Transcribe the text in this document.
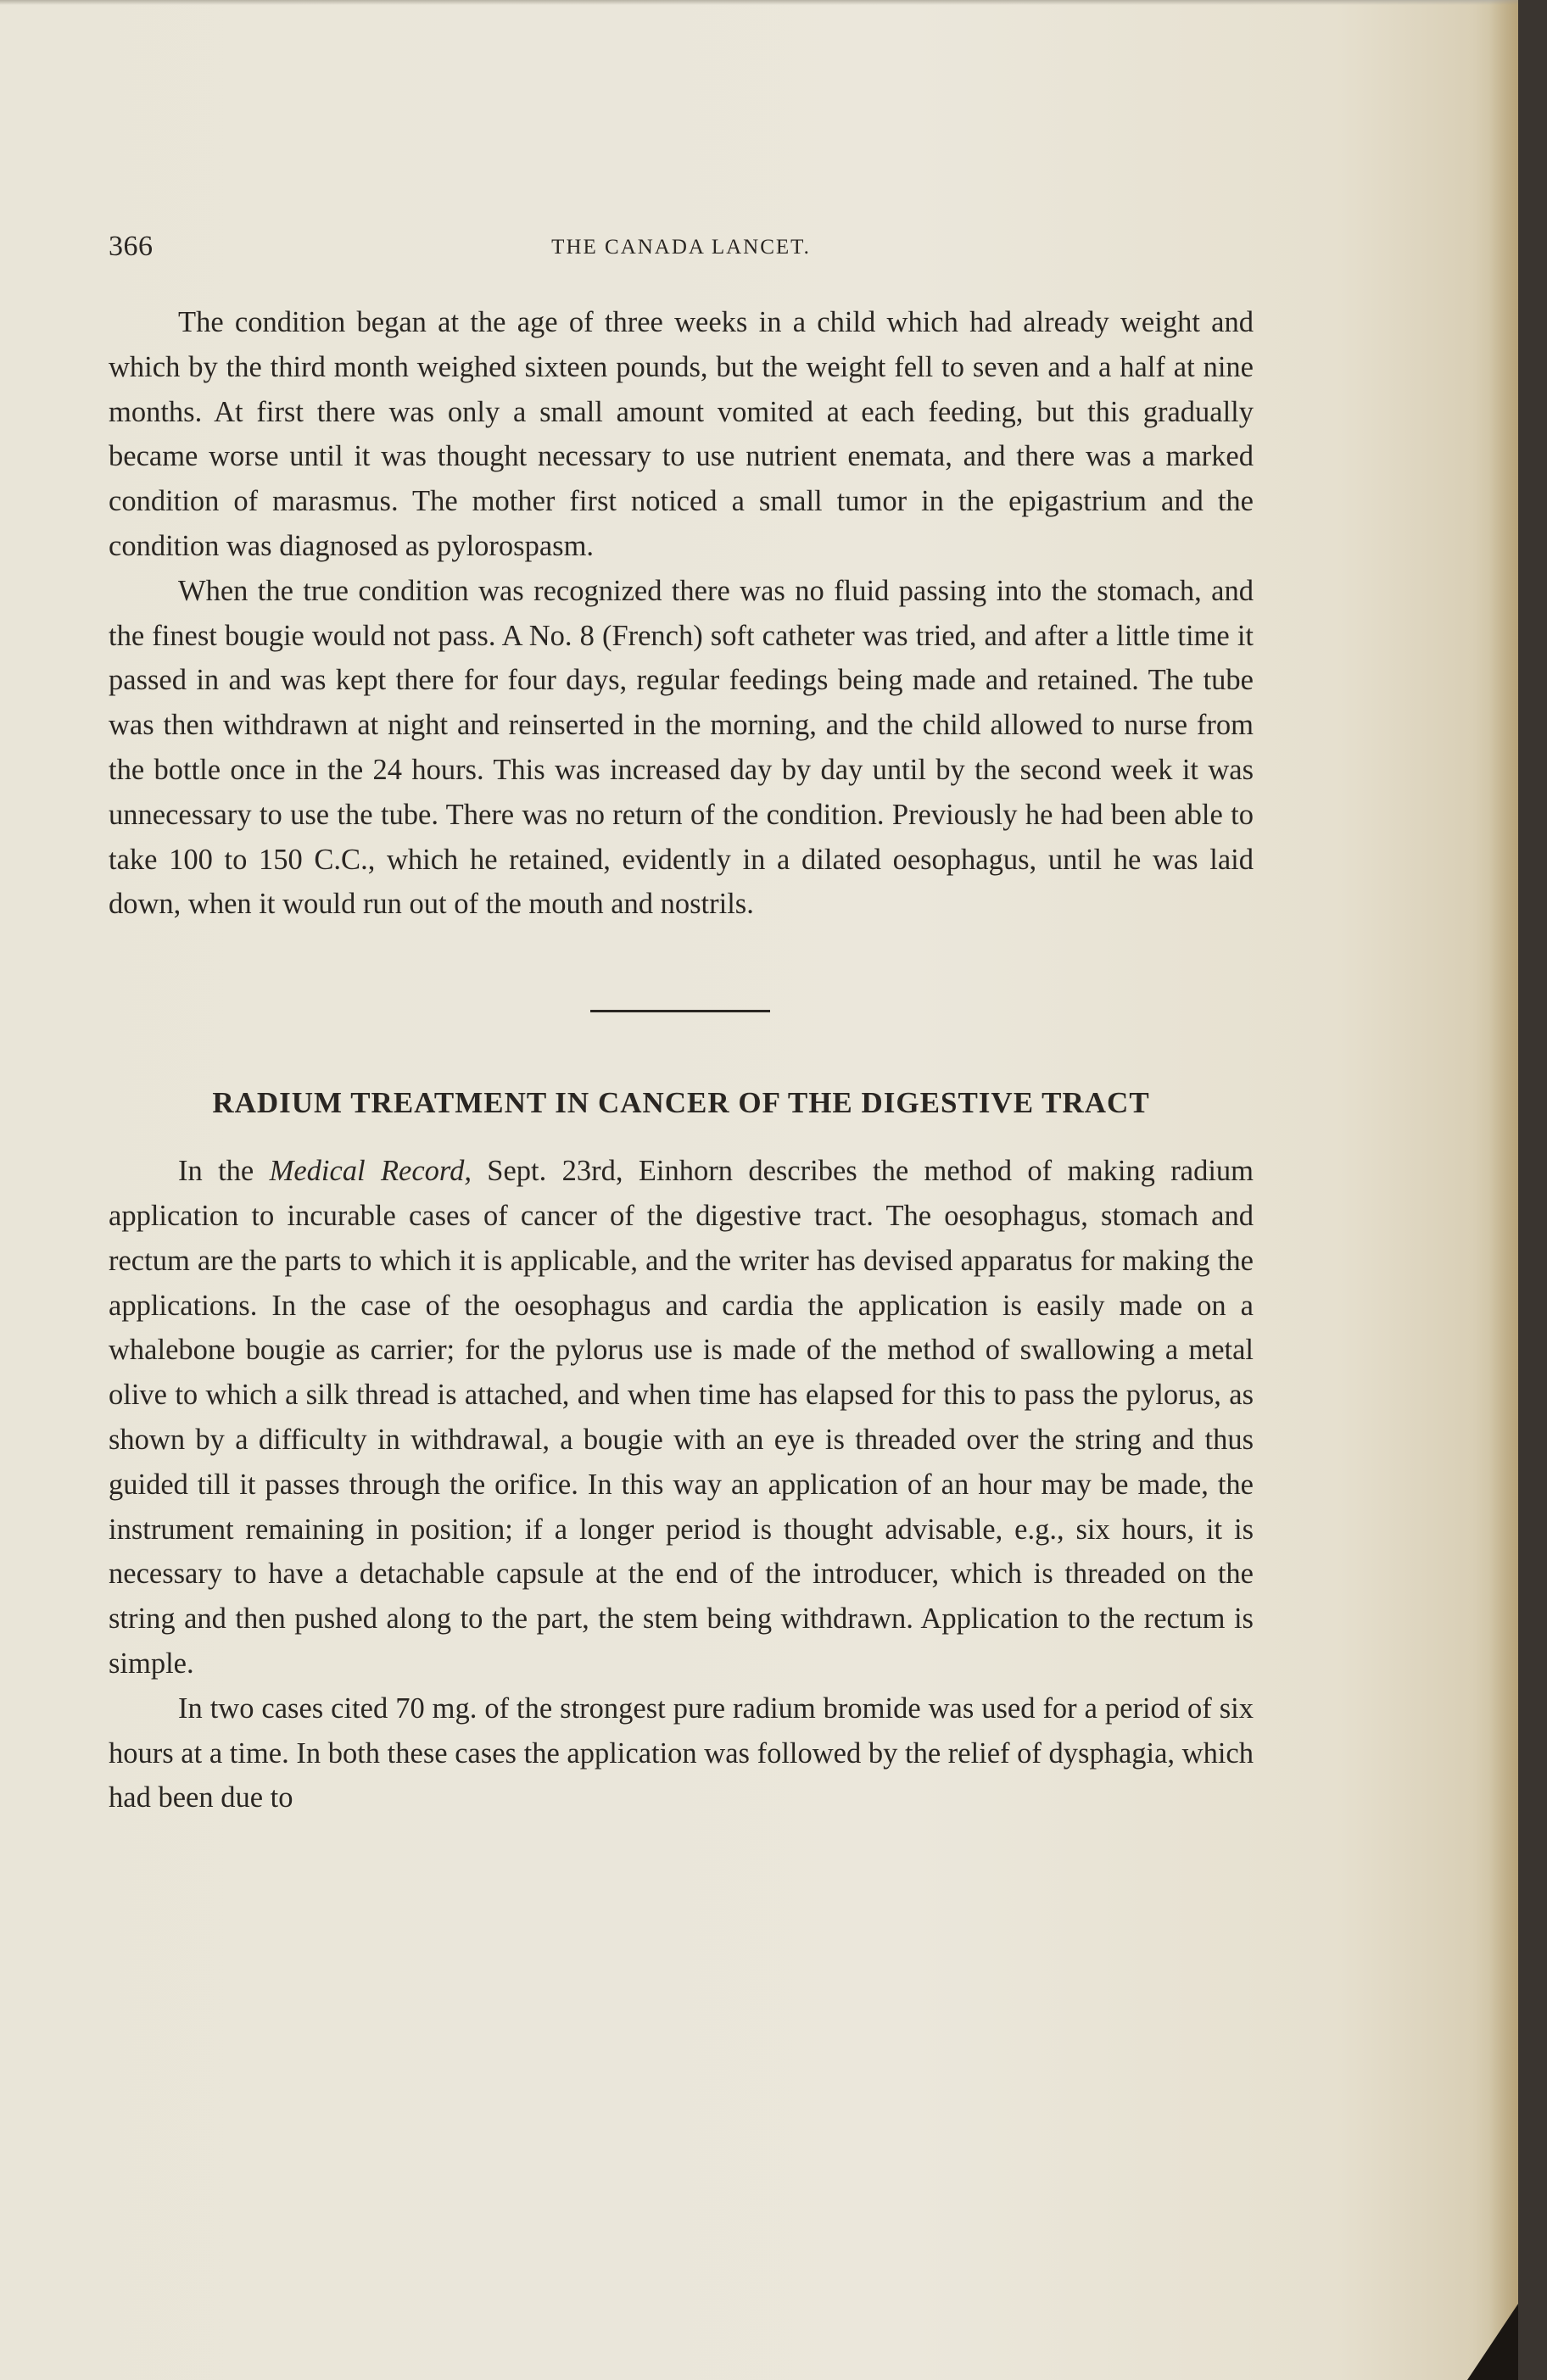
366	THE CANADA LANCET.

The condition began at the age of three weeks in a child which had already weight and which by the third month weighed sixteen pounds, but the weight fell to seven and a half at nine months. At first there was only a small amount vomited at each feeding, but this gradually became worse until it was thought necessary to use nutrient enemata, and there was a marked condition of marasmus. The mother first noticed a small tumor in the epigastrium and the condition was diagnosed as pylorospasm.

When the true condition was recognized there was no fluid passing into the stomach, and the finest bougie would not pass. A No. 8 (French) soft catheter was tried, and after a little time it passed in and was kept there for four days, regular feedings being made and retained. The tube was then withdrawn at night and reinserted in the morning, and the child allowed to nurse from the bottle once in the 24 hours. This was increased day by day until by the second week it was unnecessary to use the tube. There was no return of the condition. Previously he had been able to take 100 to 150 C.C., which he retained, evidently in a dilated oesophagus, until he was laid down, when it would run out of the mouth and nostrils.

RADIUM TREATMENT IN CANCER OF THE DIGESTIVE TRACT

In the Medical Record, Sept. 23rd, Einhorn describes the method of making radium application to incurable cases of cancer of the digestive tract. The oesophagus, stomach and rectum are the parts to which it is applicable, and the writer has devised apparatus for making the applications. In the case of the oesophagus and cardia the application is easily made on a whalebone bougie as carrier; for the pylorus use is made of the method of swallowing a metal olive to which a silk thread is attached, and when time has elapsed for this to pass the pylorus, as shown by a difficulty in withdrawal, a bougie with an eye is threaded over the string and thus guided till it passes through the orifice. In this way an application of an hour may be made, the instrument remaining in position; if a longer period is thought advisable, e.g., six hours, it is necessary to have a detachable capsule at the end of the introducer, which is threaded on the string and then pushed along to the part, the stem being withdrawn. Application to the rectum is simple.

In two cases cited 70 mg. of the strongest pure radium bromide was used for a period of six hours at a time. In both these cases the application was followed by the relief of dysphagia, which had been due to
